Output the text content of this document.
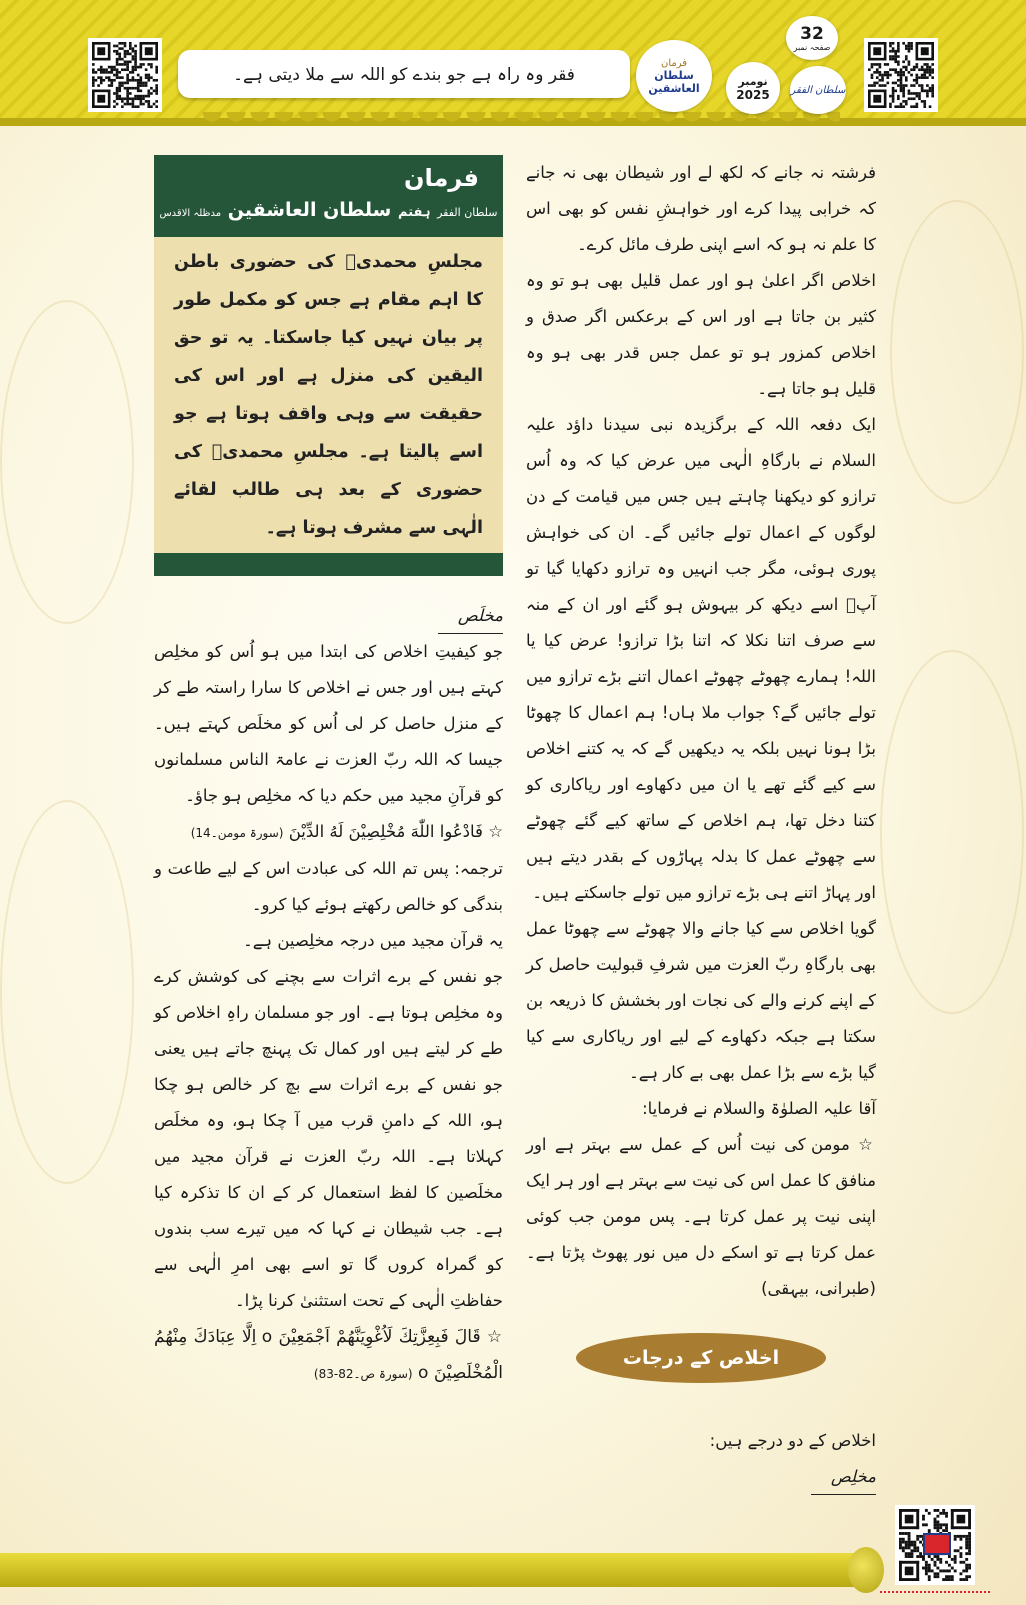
فقر وہ راہ ہے جو بندے کو اللہ سے ملا دیتی ہے۔
فرمان
سلطان العاشقین
32
صفحہ نمبر
نومبر
2025 سلطان الفقر
فرمان
سلطان الفقر ہفتم سلطان العاشقین مدظلہ الاقدس
مجلسِ محمدیؐ کی حضوری باطن کا اہم مقام ہے جس کو مکمل طور پر بیان نہیں کیا جاسکتا۔ یہ تو حق الیقین کی منزل ہے اور اس کی حقیقت سے وہی واقف ہوتا ہے جو اسے پالیتا ہے۔ مجلسِ محمدیؐ کی حضوری کے بعد ہی طالب لقائے الٰہی سے مشرف ہوتا ہے۔
مخلَص

جو کیفیتِ اخلاص کی ابتدا میں ہو اُس کو مخلِص کہتے ہیں اور جس نے اخلاص کا سارا راستہ طے کر کے منزل حاصل کر لی اُس کو مخلَص کہتے ہیں۔ جیسا کہ اللہ ربّ العزت نے عامۃ الناس مسلمانوں کو قرآنِ مجید میں حکم دیا کہ مخلِص ہو جاؤ۔

☆ فَادْعُوا اللّٰهَ مُخْلِصِيْنَ لَهُ الدِّيْنَ (سورۃ مومن۔14)

ترجمہ: پس تم اللہ کی عبادت اس کے لیے طاعت و بندگی کو خالص رکھتے ہوئے کیا کرو۔

یہ قرآن مجید میں درجہ مخلِصین ہے۔

جو نفس کے برے اثرات سے بچنے کی کوشش کرے وہ مخلِص ہوتا ہے۔ اور جو مسلمان راہِ اخلاص کو طے کر لیتے ہیں اور کمال تک پہنچ جاتے ہیں یعنی جو نفس کے برے اثرات سے بچ کر خالص ہو چکا ہو، اللہ کے دامنِ قرب میں آ چکا ہو، وہ مخلَص کہلاتا ہے۔ اللہ ربّ العزت نے قرآن مجید میں مخلَصین کا لفظ استعمال کر کے ان کا تذکرہ کیا ہے۔ جب شیطان نے کہا کہ میں تیرے سب بندوں کو گمراہ کروں گا تو اسے بھی امرِ الٰہی سے حفاظتِ الٰہی کے تحت استثنیٰ کرنا پڑا۔

☆ قَالَ فَبِعِزَّتِكَ لَاُغْوِيَنَّهُمْ اَجْمَعِيْنَ o اِلَّا عِبَادَكَ مِنْهُمُ الْمُخْلَصِيْنَ o (سورۃ ص۔82-83)

فرشتہ نہ جانے کہ لکھ لے اور شیطان بھی نہ جانے کہ خرابی پیدا کرے اور خواہشِ نفس کو بھی اس کا علم نہ ہو کہ اسے اپنی طرف مائل کرے۔

اخلاص اگر اعلیٰ ہو اور عمل قلیل بھی ہو تو وہ کثیر بن جاتا ہے اور اس کے برعکس اگر صدق و اخلاص کمزور ہو تو عمل جس قدر بھی ہو وہ قلیل ہو جاتا ہے۔

ایک دفعہ اللہ کے برگزیدہ نبی سیدنا داؤد علیہ السلام نے بارگاہِ الٰہی میں عرض کیا کہ وہ اُس ترازو کو دیکھنا چاہتے ہیں جس میں قیامت کے دن لوگوں کے اعمال تولے جائیں گے۔ ان کی خواہش پوری ہوئی، مگر جب انہیں وہ ترازو دکھایا گیا تو آپؑ اسے دیکھ کر بیہوش ہو گئے اور ان کے منہ سے صرف اتنا نکلا کہ اتنا بڑا ترازو! عرض کیا یا اللہ! ہمارے چھوٹے چھوٹے اعمال اتنے بڑے ترازو میں تولے جائیں گے؟ جواب ملا ہاں! ہم اعمال کا چھوٹا بڑا ہونا نہیں بلکہ یہ دیکھیں گے کہ یہ کتنے اخلاص سے کیے گئے تھے یا ان میں دکھاوے اور ریاکاری کو کتنا دخل تھا، ہم اخلاص کے ساتھ کیے گئے چھوٹے سے چھوٹے عمل کا بدلہ پہاڑوں کے بقدر دیتے ہیں اور پہاڑ اتنے ہی بڑے ترازو میں تولے جاسکتے ہیں۔

گویا اخلاص سے کیا جانے والا چھوٹے سے چھوٹا عمل بھی بارگاہِ ربّ العزت میں شرفِ قبولیت حاصل کر کے اپنے کرنے والے کی نجات اور بخشش کا ذریعہ بن سکتا ہے جبکہ دکھاوے کے لیے اور ریاکاری سے کیا گیا بڑے سے بڑا عمل بھی بے کار ہے۔

آقا علیہ الصلوٰۃ والسلام نے فرمایا:

☆ مومن کی نیت اُس کے عمل سے بہتر ہے اور منافق کا عمل اس کی نیت سے بہتر ہے اور ہر ایک اپنی نیت پر عمل کرتا ہے۔ پس مومن جب کوئی عمل کرتا ہے تو اسکے دل میں نور پھوٹ پڑتا ہے۔ (طبرانی، بیہقی)

اخلاص کے درجات

اخلاص کے دو درجے ہیں:

مخلِص
